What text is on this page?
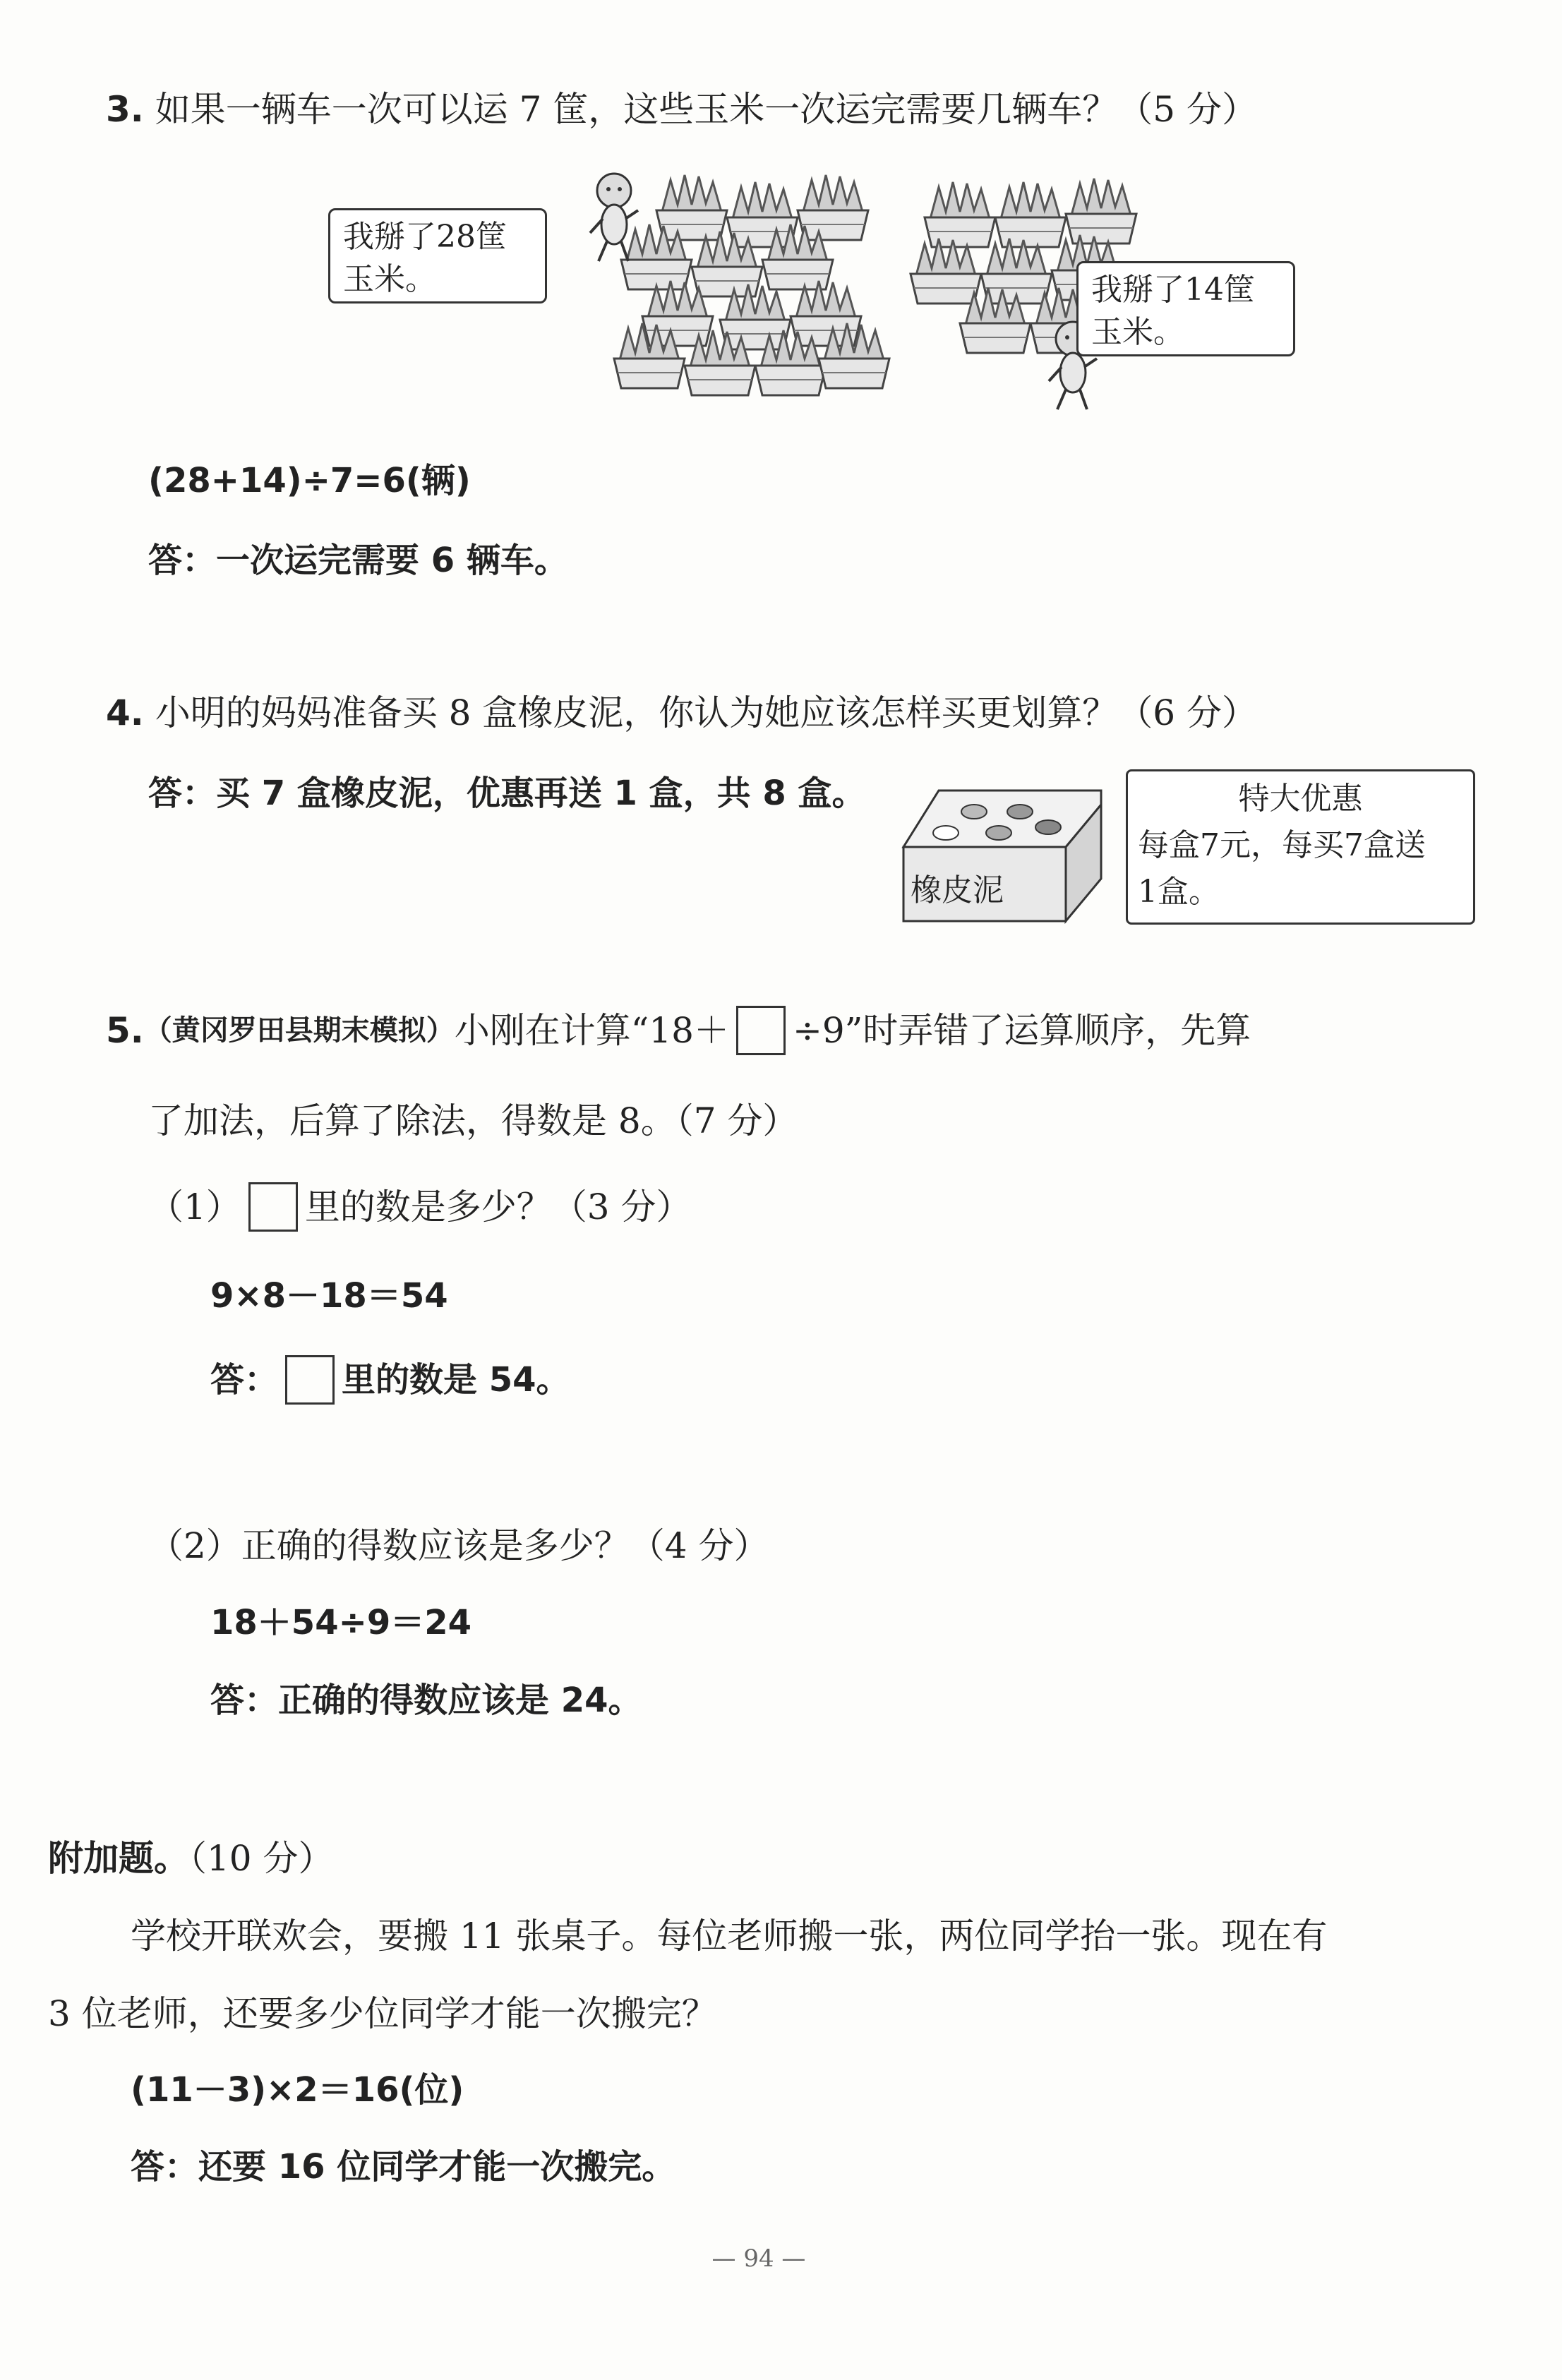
3. 如果一辆车一次可以运 7 筐，这些玉米一次运完需要几辆车？（5 分）
我掰了28筐
玉米。	我掰了14筐
玉米。
(28+14)÷7=6(辆)
答：一次运完需要 6 辆车。
4. 小明的妈妈准备买 8 盒橡皮泥，你认为她应该怎样买更划算？（6 分）
答：买 7 盒橡皮泥，优惠再送 1 盒，共 8 盒。
橡皮泥
特大优惠
每盒7元，每买7盒送
1盒。
5. （黄冈罗田县期末模拟） 小刚在计算“18＋ ÷9”时弄错了运算顺序，先算
了加法，后算了除法，得数是 8。（7 分）
（1） 里的数是多少？（3 分）
9×8－18＝54
答： 里的数是 54。
（2）正确的得数应该是多少？（4 分）
18＋54÷9＝24
答：正确的得数应该是 24。
附加题。（10 分）
学校开联欢会，要搬 11 张桌子。每位老师搬一张，两位同学抬一张。现在有
3 位老师，还要多少位同学才能一次搬完？
(11－3)×2＝16(位)
答：还要 16 位同学才能一次搬完。
— 94 —
